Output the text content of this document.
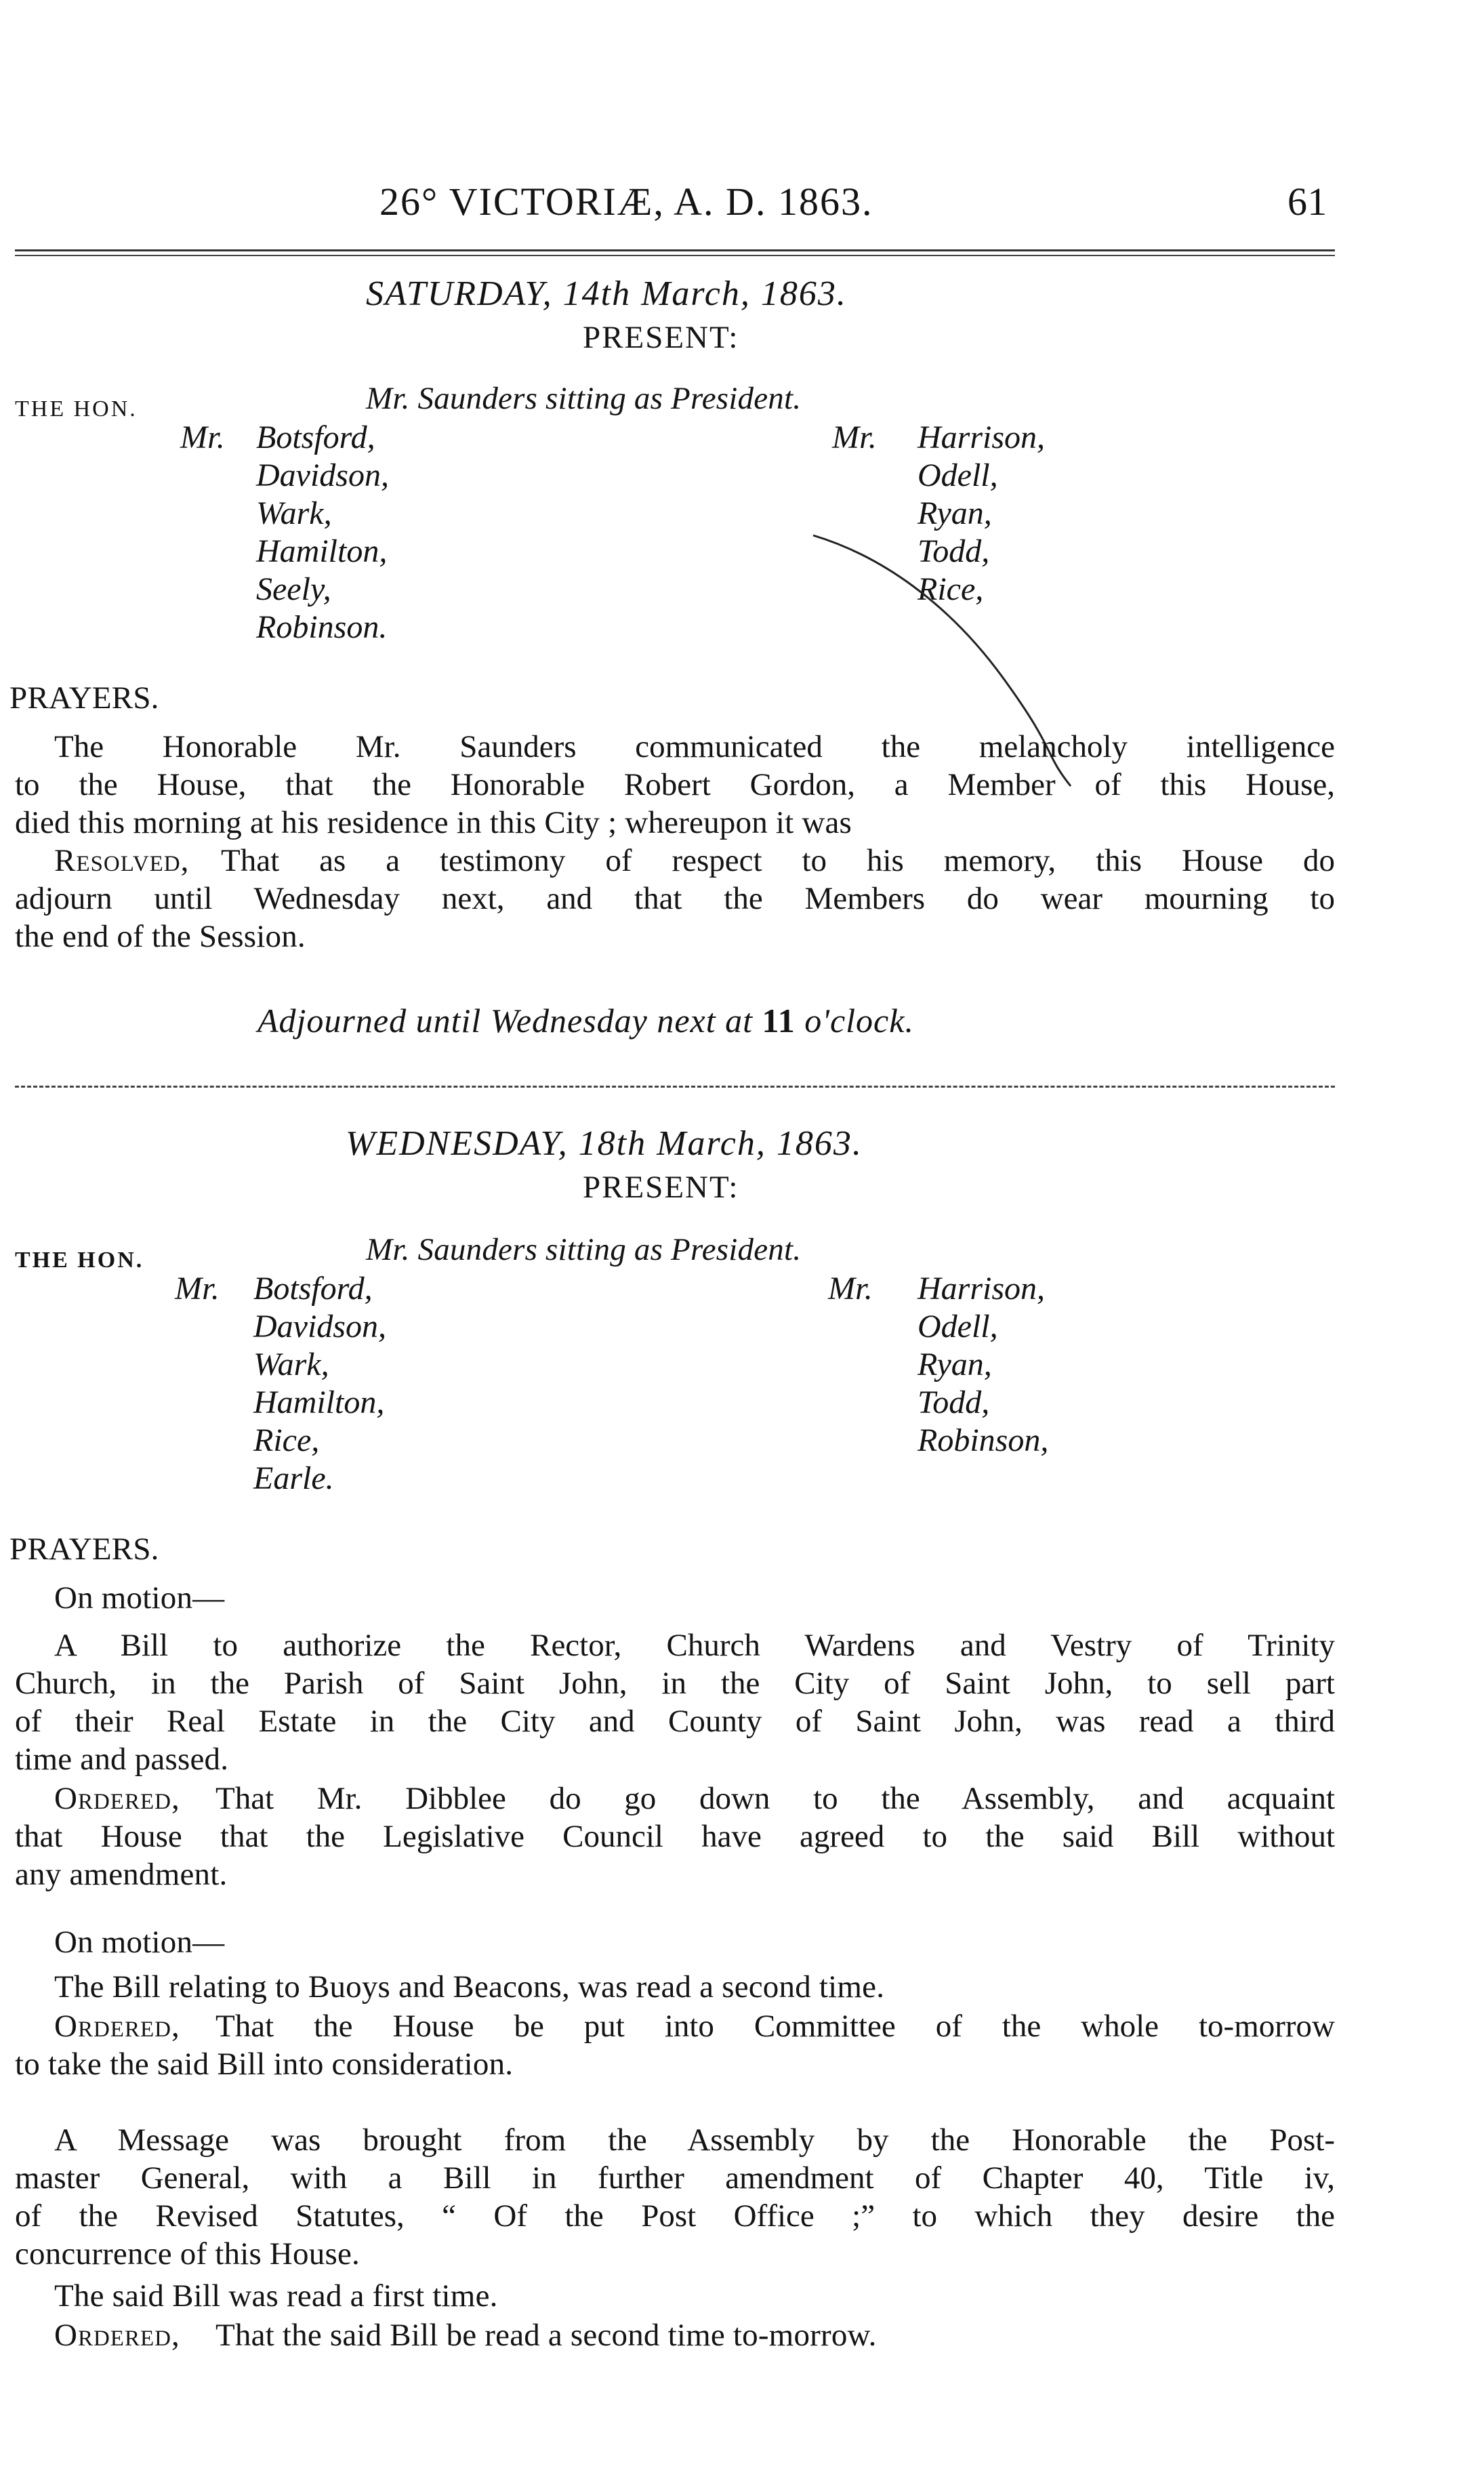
26° VICTORIÆ, A. D. 1863.	61
SATURDAY, 14th March, 1863.
PRESENT:
THE HON.	Mr. Saunders sitting as President.
Mr. Botsford,
Davidson,
Wark,
Hamilton,
Seely,
Robinson.
Mr. Harrison,
Odell,
Ryan,
Todd,
Rice,
PRAYERS.
The Honorable Mr. Saunders communicated the melancholy intelligence
to the House, that the Honorable Robert Gordon, a Member of this House,
died this morning at his residence in this City ; whereupon it was
Resolved, That as a testimony of respect to his memory, this House do
adjourn until Wednesday next, and that the Members do wear mourning to
the end of the Session.
Adjourned until Wednesday next at 11 o'clock.
WEDNESDAY, 18th March, 1863.
PRESENT:
THE HON.	Mr. Saunders sitting as President.
Mr. Botsford,
Davidson,
Wark,
Hamilton,
Rice,
Earle.
Mr. Harrison,
Odell,
Ryan,
Todd,
Robinson,
PRAYERS.
On motion—
A Bill to authorize the Rector, Church Wardens and Vestry of Trinity
Church, in the Parish of Saint John, in the City of Saint John, to sell part
of their Real Estate in the City and County of Saint John, was read a third
time and passed.
Ordered, That Mr. Dibblee do go down to the Assembly, and acquaint
that House that the Legislative Council have agreed to the said Bill without
any amendment.
On motion—
The Bill relating to Buoys and Beacons, was read a second time.
Ordered, That the House be put into Committee of the whole to-morrow
to take the said Bill into consideration.
A Message was brought from the Assembly by the Honorable the Post-
master General, with a Bill in further amendment of Chapter 40, Title iv,
of the Revised Statutes, “ Of the Post Office ;” to which they desire the
concurrence of this House.
The said Bill was read a first time.
Ordered, That the said Bill be read a second time to-morrow.
